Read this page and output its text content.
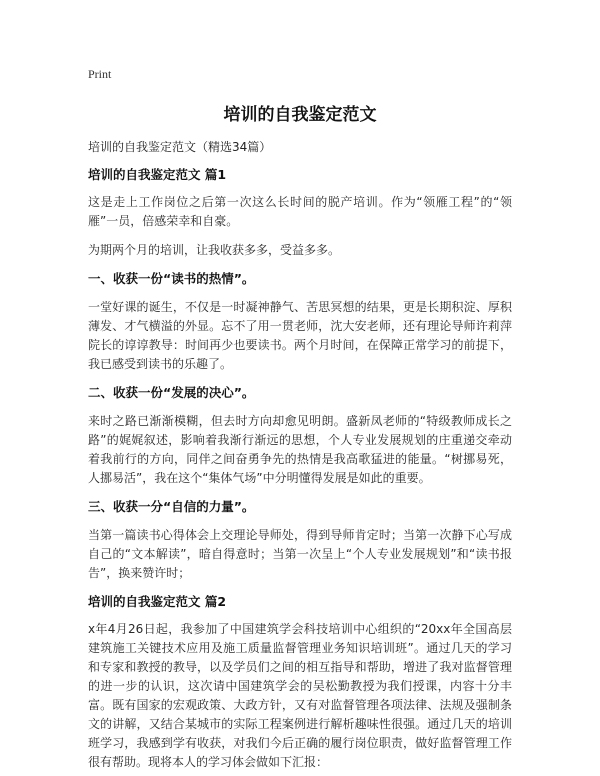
Print
培训的自我鉴定范文
培训的自我鉴定范文（精选34篇）
培训的自我鉴定范文 篇1

这是走上工作岗位之后第一次这么长时间的脱产培训。作为“领雁工程”的“领雁”一员，倍感荣幸和自豪。

为期两个月的培训，让我收获多多，受益多多。

一、收获一份“读书的热情”。

一堂好课的诞生，不仅是一时凝神静气、苦思冥想的结果，更是长期积淀、厚积薄发、才气横溢的外显。忘不了用一贯老师，沈大安老师，还有理论导师许莉萍院长的谆谆教导：时间再少也要读书。两个月时间，在保障正常学习的前提下，我已感受到读书的乐趣了。

二、收获一份“发展的决心”。

来时之路已渐渐模糊，但去时方向却愈见明朗。盛新凤老师的“特级教师成长之路”的娓娓叙述，影响着我渐行渐远的思想，个人专业发展规划的庄重递交牵动着我前行的方向，同伴之间奋勇争先的热情是我高歌猛进的能量。“树挪易死，人挪易活”，我在这个“集体气场”中分明懂得发展是如此的重要。

三、收获一分“自信的力量”。

当第一篇读书心得体会上交理论导师处，得到导师肯定时；当第一次静下心写成自己的“文本解读”，暗自得意时；当第一次呈上“个人专业发展规划”和“读书报告”，换来赞许时；

培训的自我鉴定范文 篇2

x年4月26日起，我参加了中国建筑学会科技培训中心组织的“20xx年全国高层建筑施工关键技术应用及施工质量监督管理业务知识培训班”。通过几天的学习和专家和教授的教导，以及学员们之间的相互指导和帮助，增进了我对监督管理的进一步的认识，这次请中国建筑学会的吴松勤教授为我们授课，内容十分丰富。既有国家的宏观政策、大政方针，又有对监督管理各项法律、法规及强制条文的讲解，又结合某城市的实际工程案例进行解析趣味性很强。通过几天的培训班学习，我感到学有收获，对我们今后正确的履行岗位职责，做好监督管理工作很有帮助。现将本人的学习体会做如下汇报：
